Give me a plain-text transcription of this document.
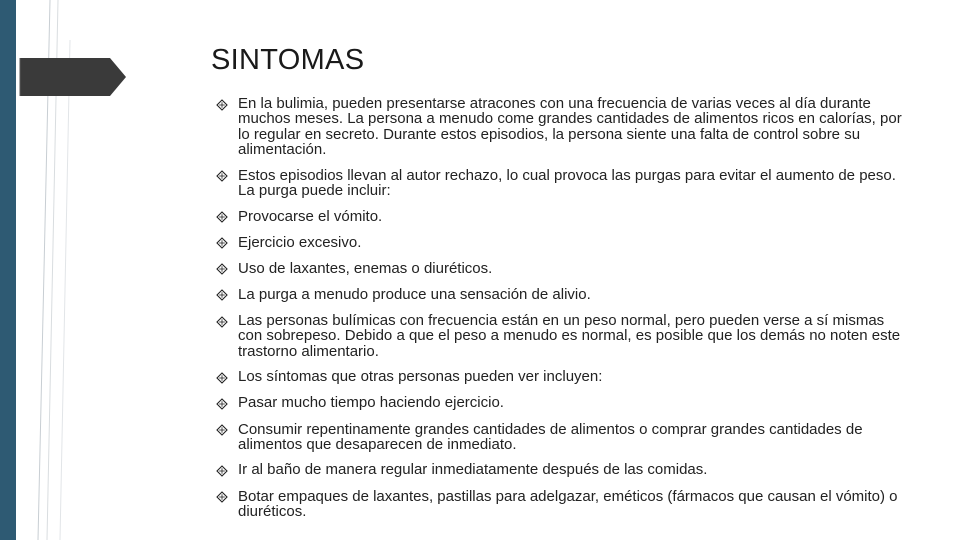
SINTOMAS
En la bulimia, pueden presentarse atracones con una frecuencia de varias veces al día durante muchos meses. La persona a menudo come grandes cantidades de alimentos ricos en calorías, por lo regular en secreto. Durante estos episodios, la persona siente una falta de control sobre su alimentación.
Estos episodios llevan al autor rechazo, lo cual provoca las purgas para evitar el aumento de peso. La purga puede incluir:
Provocarse el vómito.
Ejercicio excesivo.
Uso de laxantes, enemas o diuréticos.
La purga a menudo produce una sensación de alivio.
Las personas bulímicas con frecuencia están en un peso normal, pero pueden verse a sí mismas con sobrepeso. Debido a que el peso a menudo es normal, es posible que los demás no noten este trastorno alimentario.
Los síntomas que otras personas pueden ver incluyen:
Pasar mucho tiempo haciendo ejercicio.
Consumir repentinamente grandes cantidades de alimentos o comprar grandes cantidades de alimentos que desaparecen de inmediato.
Ir al baño de manera regular inmediatamente después de las comidas.
Botar empaques de laxantes, pastillas para adelgazar, eméticos (fármacos que causan el vómito) o diuréticos.
